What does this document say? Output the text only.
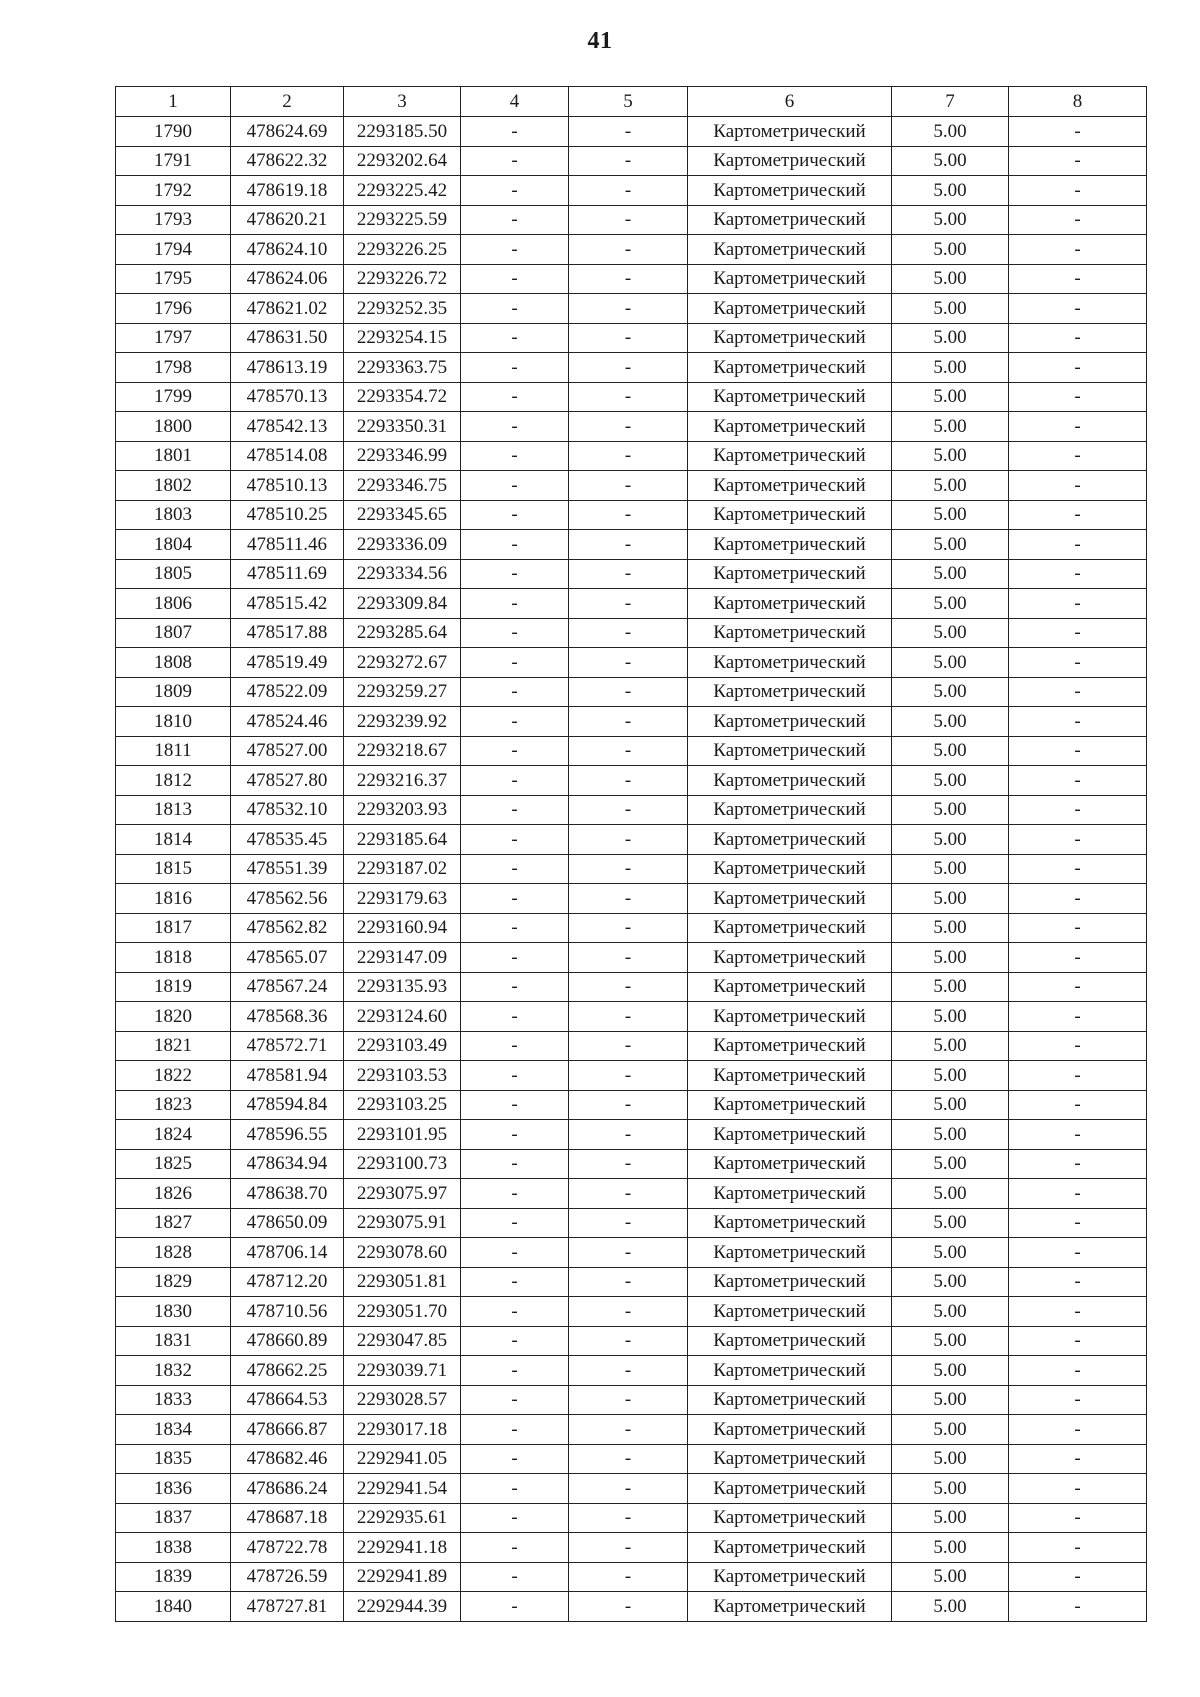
41
1	2	3	4	5	6	7	8
1790	478624.69	2293185.50	-	-	Картометрический	5.00	-
1791	478622.32	2293202.64	-	-	Картометрический	5.00	-
1792	478619.18	2293225.42	-	-	Картометрический	5.00	-
1793	478620.21	2293225.59	-	-	Картометрический	5.00	-
1794	478624.10	2293226.25	-	-	Картометрический	5.00	-
1795	478624.06	2293226.72	-	-	Картометрический	5.00	-
1796	478621.02	2293252.35	-	-	Картометрический	5.00	-
1797	478631.50	2293254.15	-	-	Картометрический	5.00	-
1798	478613.19	2293363.75	-	-	Картометрический	5.00	-
1799	478570.13	2293354.72	-	-	Картометрический	5.00	-
1800	478542.13	2293350.31	-	-	Картометрический	5.00	-
1801	478514.08	2293346.99	-	-	Картометрический	5.00	-
1802	478510.13	2293346.75	-	-	Картометрический	5.00	-
1803	478510.25	2293345.65	-	-	Картометрический	5.00	-
1804	478511.46	2293336.09	-	-	Картометрический	5.00	-
1805	478511.69	2293334.56	-	-	Картометрический	5.00	-
1806	478515.42	2293309.84	-	-	Картометрический	5.00	-
1807	478517.88	2293285.64	-	-	Картометрический	5.00	-
1808	478519.49	2293272.67	-	-	Картометрический	5.00	-
1809	478522.09	2293259.27	-	-	Картометрический	5.00	-
1810	478524.46	2293239.92	-	-	Картометрический	5.00	-
1811	478527.00	2293218.67	-	-	Картометрический	5.00	-
1812	478527.80	2293216.37	-	-	Картометрический	5.00	-
1813	478532.10	2293203.93	-	-	Картометрический	5.00	-
1814	478535.45	2293185.64	-	-	Картометрический	5.00	-
1815	478551.39	2293187.02	-	-	Картометрический	5.00	-
1816	478562.56	2293179.63	-	-	Картометрический	5.00	-
1817	478562.82	2293160.94	-	-	Картометрический	5.00	-
1818	478565.07	2293147.09	-	-	Картометрический	5.00	-
1819	478567.24	2293135.93	-	-	Картометрический	5.00	-
1820	478568.36	2293124.60	-	-	Картометрический	5.00	-
1821	478572.71	2293103.49	-	-	Картометрический	5.00	-
1822	478581.94	2293103.53	-	-	Картометрический	5.00	-
1823	478594.84	2293103.25	-	-	Картометрический	5.00	-
1824	478596.55	2293101.95	-	-	Картометрический	5.00	-
1825	478634.94	2293100.73	-	-	Картометрический	5.00	-
1826	478638.70	2293075.97	-	-	Картометрический	5.00	-
1827	478650.09	2293075.91	-	-	Картометрический	5.00	-
1828	478706.14	2293078.60	-	-	Картометрический	5.00	-
1829	478712.20	2293051.81	-	-	Картометрический	5.00	-
1830	478710.56	2293051.70	-	-	Картометрический	5.00	-
1831	478660.89	2293047.85	-	-	Картометрический	5.00	-
1832	478662.25	2293039.71	-	-	Картометрический	5.00	-
1833	478664.53	2293028.57	-	-	Картометрический	5.00	-
1834	478666.87	2293017.18	-	-	Картометрический	5.00	-
1835	478682.46	2292941.05	-	-	Картометрический	5.00	-
1836	478686.24	2292941.54	-	-	Картометрический	5.00	-
1837	478687.18	2292935.61	-	-	Картометрический	5.00	-
1838	478722.78	2292941.18	-	-	Картометрический	5.00	-
1839	478726.59	2292941.89	-	-	Картометрический	5.00	-
1840	478727.81	2292944.39	-	-	Картометрический	5.00	-
